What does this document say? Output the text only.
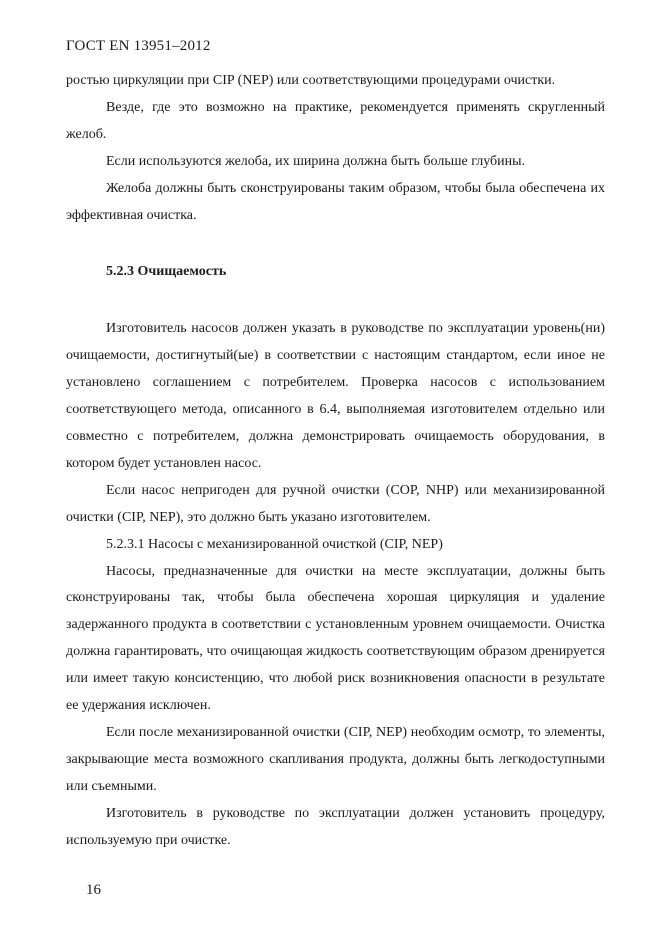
ГОСТ EN 13951–2012

ростью циркуляции при CIP (NEP) или соответствующими процедурами очистки.

Везде, где это возможно на практике, рекомендуется применять скругленный желоб.

Если используются желоба, их ширина должна быть больше глубины.

Желоба должны быть сконструированы таким образом, чтобы была обеспечена их эффективная очистка.

5.2.3 Очищаемость

Изготовитель насосов должен указать в руководстве по эксплуатации уровень(ни) очищаемости, достигнутый(ые) в соответствии с настоящим стандартом, если иное не установлено соглашением с потребителем. Проверка насосов с использованием соответствующего метода, описанного в 6.4, выполняемая изготовителем отдельно или совместно с потребителем, должна демонстрировать очищаемость оборудования, в котором будет установлен насос.

Если насос непригоден для ручной очистки (COP, NHP) или механизированной очистки (CIP, NEP), это должно быть указано изготовителем.

5.2.3.1 Насосы с механизированной очисткой (CIP, NEP)

Насосы, предназначенные для очистки на месте эксплуатации, должны быть сконструированы так, чтобы была обеспечена хорошая циркуляция и удаление задержанного продукта в соответствии с установленным уровнем очищаемости. Очистка должна гарантировать, что очищающая жидкость соответствующим образом дренируется или имеет такую консистенцию, что любой риск возникновения опасности в результате ее удержания исключен.

Если после механизированной очистки (CIP, NEP) необходим осмотр, то элементы, закрывающие места возможного скапливания продукта, должны быть легкодоступными или съемными.

Изготовитель в руководстве по эксплуатации должен установить процедуру, используемую при очистке.

16
